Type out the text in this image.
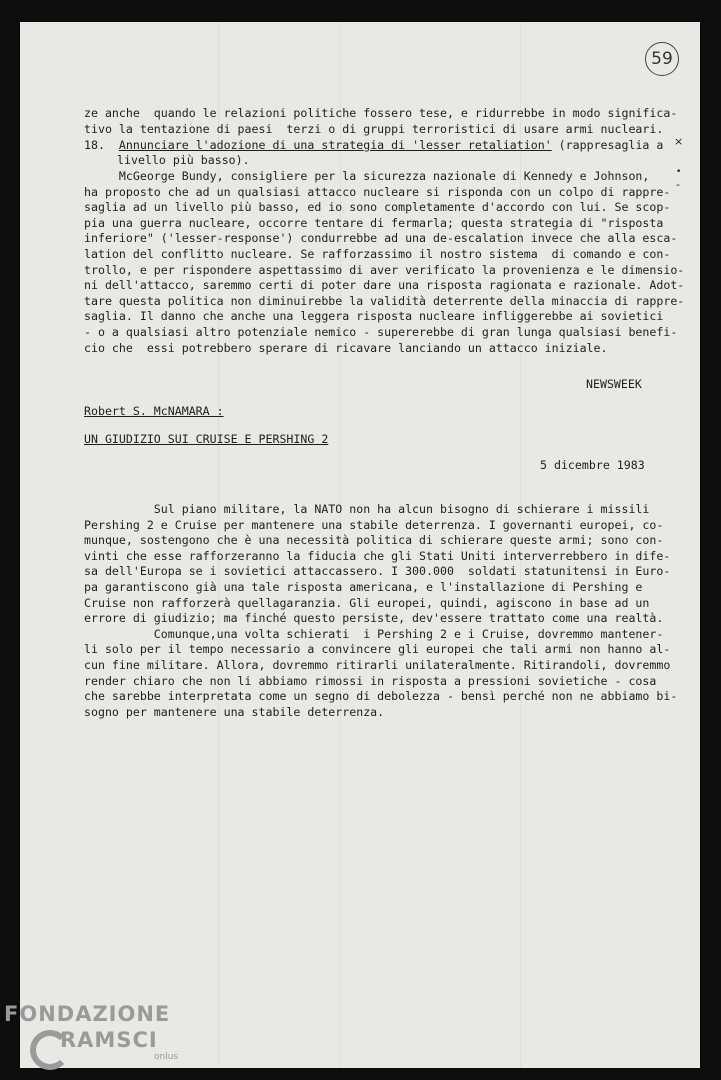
59
×
•
-
ze anche  quando le relazioni politiche fossero tese, e ridurrebbe in modo significa-
tivo la tentazione di paesi  terzi o di gruppi terroristici di usare armi nucleari.
18. Annunciare l'adozione di una strategia di 'lesser retaliation' (rappresaglia a
livello più basso).
McGeorge Bundy, consigliere per la sicurezza nazionale di Kennedy e Johnson,
ha proposto che ad un qualsiasi attacco nucleare si risponda con un colpo di rappre-
saglia ad un livello più basso, ed io sono completamente d'accordo con lui. Se scop-
pia una guerra nucleare, occorre tentare di fermarla; questa strategia di "risposta
inferiore" ('lesser-response') condurrebbe ad una de-escalation invece che alla esca-
lation del conflitto nucleare. Se rafforzassimo il nostro sistema  di comando e con-
trollo, e per rispondere aspettassimo di aver verificato la provenienza e le dimensio-
ni dell'attacco, saremmo certi di poter dare una risposta ragionata e razionale. Adot-
tare questa politica non diminuirebbe la validità deterrente della minaccia di rappre-
saglia. Il danno che anche una leggera risposta nucleare infliggerebbe ai sovietici
- o a qualsiasi altro potenziale nemico - supererebbe di gran lunga qualsiasi benefi-
cio che  essi potrebbero sperare di ricavare lanciando un attacco iniziale.
NEWSWEEK
Robert S. McNAMARA :
UN GIUDIZIO SUI CRUISE E PERSHING 2
5 dicembre 1983
Sul piano militare, la NATO non ha alcun bisogno di schierare i missili
Pershing 2 e Cruise per mantenere una stabile deterrenza. I governanti europei, co-
munque, sostengono che è una necessità politica di schierare queste armi; sono con-
vinti che esse rafforzeranno la fiducia che gli Stati Uniti interverrebbero in dife-
sa dell'Europa se i sovietici attaccassero. I 300.000  soldati statunitensi in Euro-
pa garantiscono già una tale risposta americana, e l'installazione di Pershing e
Cruise non rafforzerà quellagaranzia. Gli europei, quindi, agiscono in base ad un
errore di giudizio; ma finché questo persiste, dev'essere trattato come una realtà.
Comunque,una volta schierati  i Pershing 2 e i Cruise, dovremmo mantener-
li solo per il tempo necessario a convincere gli europei che tali armi non hanno al-
cun fine militare. Allora, dovremmo ritirarli unilateralmente. Ritirandoli, dovremmo
render chiaro che non li abbiamo rimossi in risposta a pressioni sovietiche - cosa
che sarebbe interpretata come un segno di debolezza - bensì perché non ne abbiamo bi-
sogno per mantenere una stabile deterrenza.
FONDAZIONE
RAMSCI
onlus
